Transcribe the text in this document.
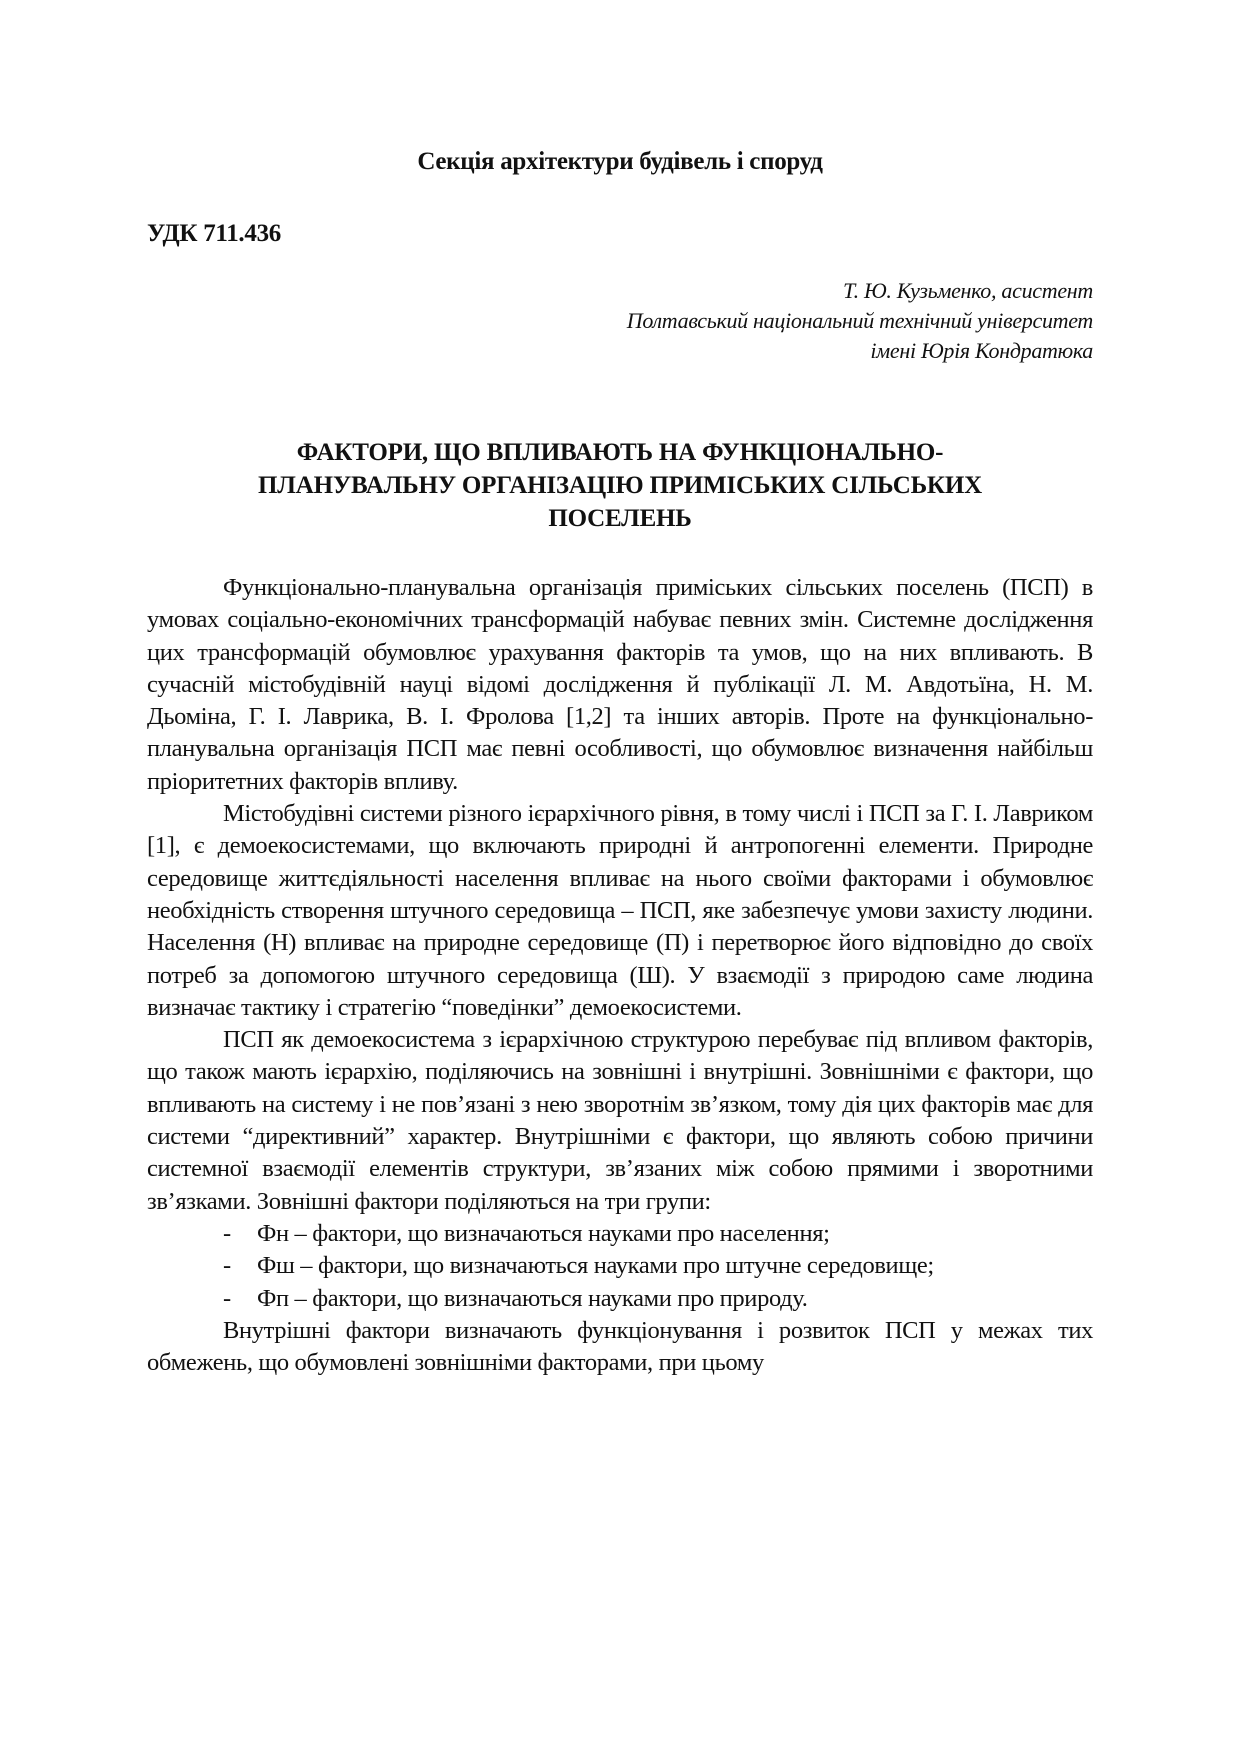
Секція архітектури будівель і споруд
УДК 711.436
Т. Ю. Кузьменко, асистент
Полтавський національний технічний університет
імені Юрія Кондратюка
ФАКТОРИ, ЩО ВПЛИВАЮТЬ НА ФУНКЦІОНАЛЬНО-
ПЛАНУВАЛЬНУ ОРГАНІЗАЦІЮ ПРИМІСЬКИХ СІЛЬСЬКИХ
ПОСЕЛЕНЬ

Функціонально-планувальна організація приміських сільських поселень (ПСП) в умовах соціально-економічних трансформацій набуває певних змін. Системне дослідження цих трансформацій обумовлює урахування факторів та умов, що на них впливають. В сучасній містобудівній науці відомі дослідження й публікації Л. М. Авдотьїна, Н. М. Дьоміна, Г. І. Лаврика, В. І. Фролова [1,2] та інших авторів. Проте на функціонально-планувальна організація ПСП має певні особливості, що обумовлює визначення найбільш пріоритетних факторів впливу.

Містобудівні системи різного ієрархічного рівня, в тому числі і ПСП за Г. І. Лавриком [1], є демоекосистемами, що включають природні й антропогенні елементи. Природне середовище життєдіяльності населення впливає на нього своїми факторами і обумовлює необхідність створення штучного середовища – ПСП, яке забезпечує умови захисту людини. Населення (Н) впливає на природне середовище (П) і перетворює його відповідно до своїх потреб за допомогою штучного середовища (Ш). У взаємодії з природою саме людина визначає тактику і стратегію “поведінки” демоекосистеми.

ПСП як демоекосистема з ієрархічною структурою перебуває під впливом факторів, що також мають ієрархію, поділяючись на зовнішні і внутрішні. Зовнішніми є фактори, що впливають на систему і не пов’язані з нею зворотнім зв’язком, тому дія цих факторів має для системи “директивний” характер. Внутрішніми є фактори, що являють собою причини системної взаємодії елементів структури, зв’язаних між собою прямими і зворотними зв’язками. Зовнішні фактори поділяються на три групи:

- Фн – фактори, що визначаються науками про населення;
- Фш – фактори, що визначаються науками про штучне середовище;
- Фп – фактори, що визначаються науками про природу.

Внутрішні фактори визначають функціонування і розвиток ПСП у межах тих обмежень, що обумовлені зовнішніми факторами, при цьому
